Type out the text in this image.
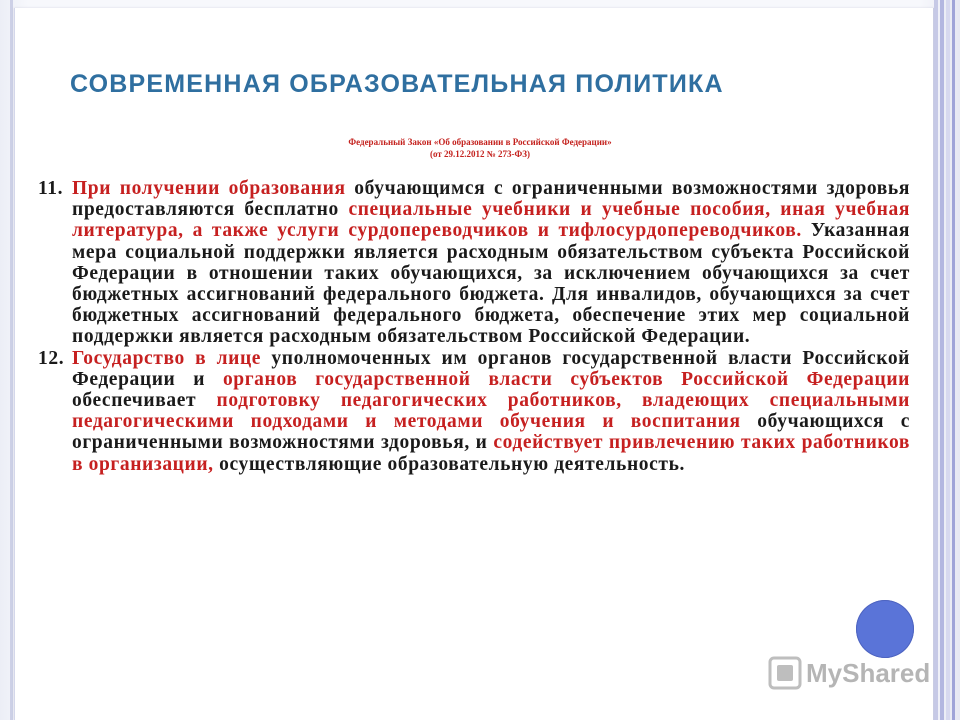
СОВРЕМЕННАЯ ОБРАЗОВАТЕЛЬНАЯ ПОЛИТИКА
Федеральный Закон «Об образовании в Российской Федерации»
(от 29.12.2012 № 273-ФЗ)
11. При получении образования обучающимся с ограниченными возможностями здоровья предоставляются бесплатно специальные учебники и учебные пособия, иная учебная литература, а также услуги сурдопереводчиков и тифлосурдопереводчиков. Указанная мера социальной поддержки является расходным обязательством субъекта Российской Федерации в отношении таких обучающихся, за исключением обучающихся за счет бюджетных ассигнований федерального бюджета. Для инвалидов, обучающихся за счет бюджетных ассигнований федерального бюджета, обеспечение этих мер социальной поддержки является расходным обязательством Российской Федерации.
12. Государство в лице уполномоченных им органов государственной власти Российской Федерации и органов государственной власти субъектов Российской Федерации обеспечивает подготовку педагогических работников, владеющих специальными педагогическими подходами и методами обучения и воспитания обучающихся с ограниченными возможностями здоровья, и содействует привлечению таких работников в организации, осуществляющие образовательную деятельность.
MyShared
